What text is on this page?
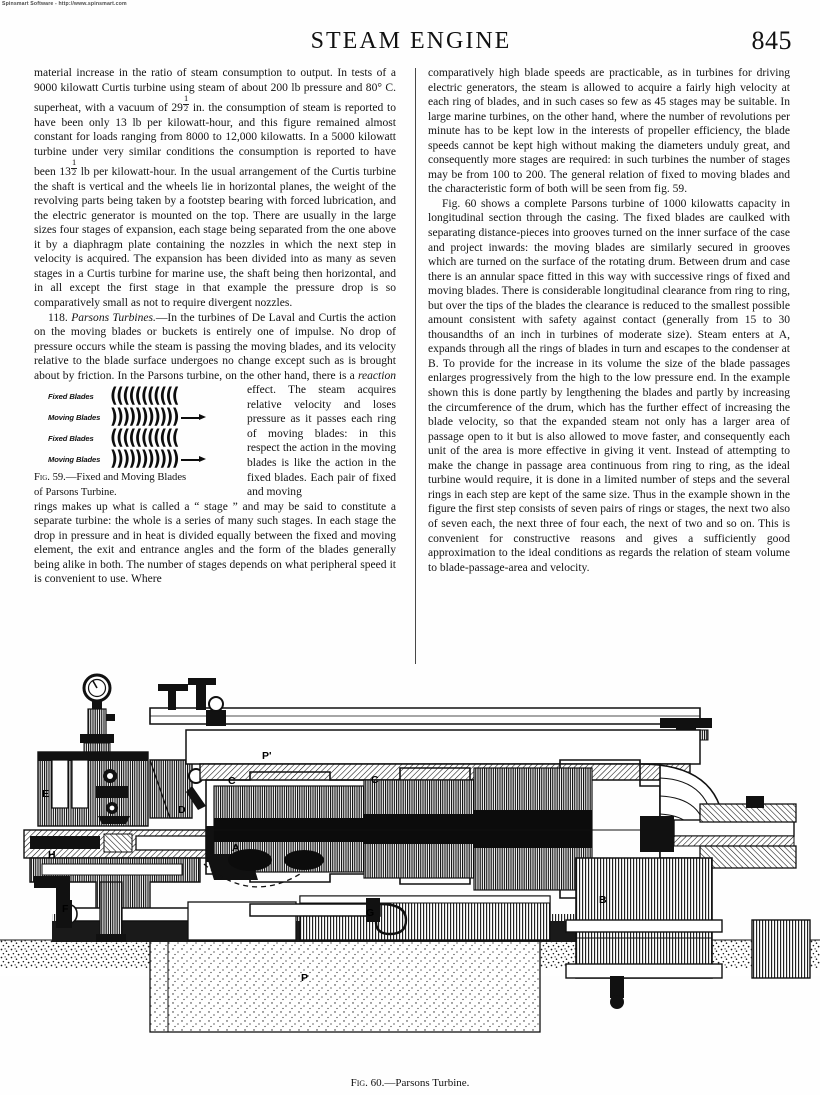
Spinsmart Software - http://www.spinsmart.com
STEAM ENGINE	845

material increase in the ratio of steam consumption to output. In tests of a 9000 kilowatt Curtis turbine using steam of about 200 lb pressure and 80° C. superheat, with a vacuum of $29 \frac{1}{2}$ in. the consumption of steam is reported to have been only 13 lb per kilowatt-hour, and this figure remained almost constant for loads ranging from 8000 to 12,000 kilowatts. In a 5000 kilowatt turbine under very similar conditions the consumption is reported to have been $13 \frac{1}{2}$ lb per kilowatt-hour. In the usual arrangement of the Curtis turbine the shaft is vertical and the wheels lie in horizontal planes, the weight of the revolving parts being taken by a footstep bearing with forced lubrication, and the electric generator is mounted on the top. There are usually in the large sizes four stages of expansion, each stage being separated from the one above it by a diaphragm plate containing the nozzles in which the next step in velocity is acquired. The expansion has been divided into as many as seven stages in a Curtis turbine for marine use, the shaft being then horizontal, and in all except the first stage in that example the pressure drop is so comparatively small as not to require divergent nozzles.

118. Parsons Turbines.—In the turbines of De Laval and Curtis the action on the moving blades or buckets is entirely one of impulse. No drop of pressure occurs while the steam is passing the moving blades, and its velocity relative to the blade surface undergoes no change except such as is brought about by friction. In the Parsons turbine, on the other hand, there is a
Fixed Blades (((((((((((
Moving Blades )))))))))))
Fixed Blades (((((((((((
Moving Blades )))))))))))
Fig. 59.—Fixed and Moving Blades
of Parsons Turbine.
reaction effect. The steam acquires relative velocity and loses pressure as it passes each ring of moving blades: in this respect the action in the moving blades is like the action in the fixed blades. Each pair of fixed and moving

rings makes up what is called a “ stage ” and may be said to constitute a separate turbine: the whole is a series of many such stages. In each stage the drop in pressure and in heat is divided equally between the fixed and moving element, the exit and entrance angles and the form of the blades generally being alike in both. The number of stages depends on what peripheral speed it is convenient to use. Where

comparatively high blade speeds are practicable, as in turbines for driving electric generators, the steam is allowed to acquire a fairly high velocity at each ring of blades, and in such cases so few as 45 stages may be suitable. In large marine turbines, on the other hand, where the number of revolutions per minute has to be kept low in the interests of propeller efficiency, the blade speeds cannot be kept high without making the diameters unduly great, and consequently more stages are required: in such turbines the number of stages may be from 100 to 200. The general relation of fixed to moving blades and the characteristic form of both will be seen from fig. 59.

Fig. 60 shows a complete Parsons turbine of 1000 kilowatts capacity in longitudinal section through the casing. The fixed blades are caulked with separating distance-pieces into grooves turned on the inner surface of the case and project inwards: the moving blades are similarly secured in grooves which are turned on the surface of the rotating drum. Between drum and case there is an annular space fitted in this way with successive rings of fixed and moving blades. There is considerable longitudinal clearance from ring to ring, but over the tips of the blades the clearance is reduced to the smallest possible amount consistent with safety against contact (generally from 15 to 30 thousandths of an inch in turbines of moderate size). Steam enters at A, expands through all the rings of blades in turn and escapes to the condenser at B. To provide for the increase in its volume the size of the blade passages enlarges progressively from the high to the low pressure end. In the example shown this is done partly by lengthening the blades and partly by increasing the circumference of the drum, which has the further effect of increasing the blade velocity, so that the expanded steam not only has a larger area of passage open to it but is also allowed to move faster, and consequently each unit of the area is more effective in giving it vent. Instead of attempting to make the change in passage area continuous from ring to ring, as the ideal turbine would require, it is done in a limited number of steps and the several rings in each step are kept of the same size. Thus in the example shown in the figure the first step consists of seven pairs of rings or stages, the next two also of seven each, the next three of four each, the next of two and so on. This is convenient for constructive reasons and gives a sufficiently good approximation to the ideal conditions as regards the relation of steam volume to blade-passage-area and velocity.

E
H
F
D
P'
C	C
A
G
B
P
Fig. 60.—Parsons Turbine.
